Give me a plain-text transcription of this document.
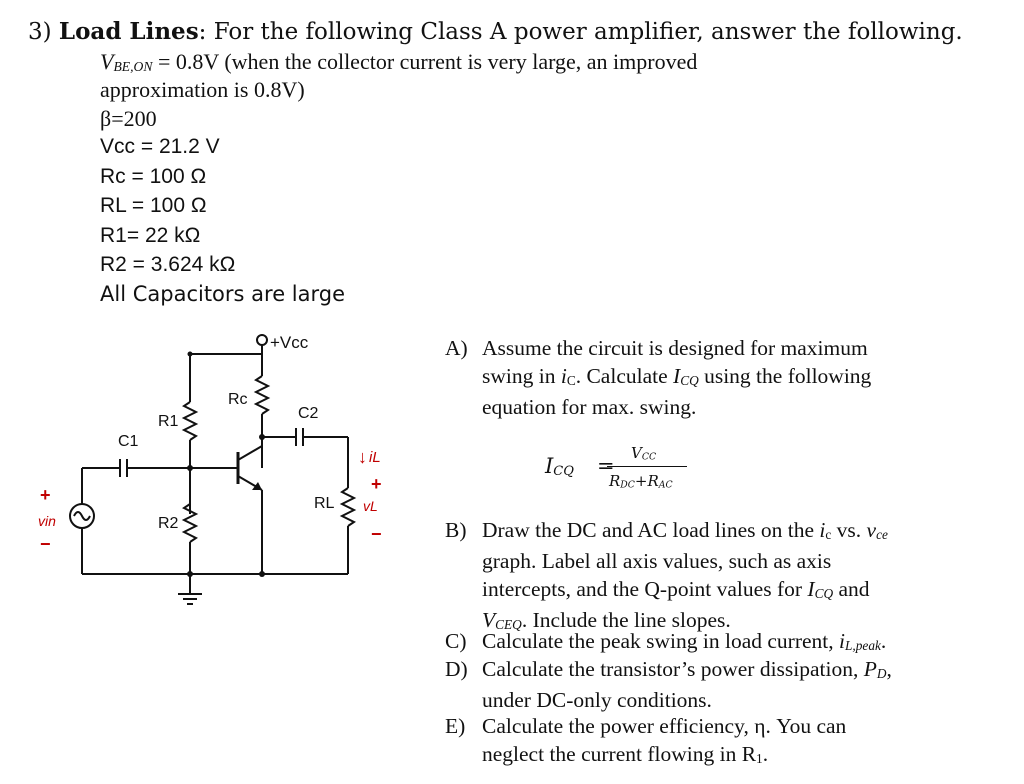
3) Load Lines: For the following Class A power amplifier, answer the following.
VBE,ON = 0.8V (when the collector current is very large, an improved
approximation is 0.8V)
β=200
Vcc = 21.2 V
Rc = 100 Ω
RL = 100 Ω
R1= 22 kΩ
R2 = 3.624 kΩ
All Capacitors are large
+Vcc
R1
Rc
C2
RL
↓ iL
+
vL
−
C1
+
vin
−
R2
A) Assume the circuit is designed for maximum
swing in iC. Calculate ICQ using the following
equation for max. swing.
ICQ =
VCC
RDC+RAC
B) Draw the DC and AC load lines on the ic vs. vce
graph. Label all axis values, such as axis
intercepts, and the Q-point values for ICQ and
VCEQ. Include the line slopes.
C) Calculate the peak swing in load current, iL,peak.
D) Calculate the transistor’s power dissipation, PD,
under DC-only conditions.
E) Calculate the power efficiency, η. You can
neglect the current flowing in R1.
